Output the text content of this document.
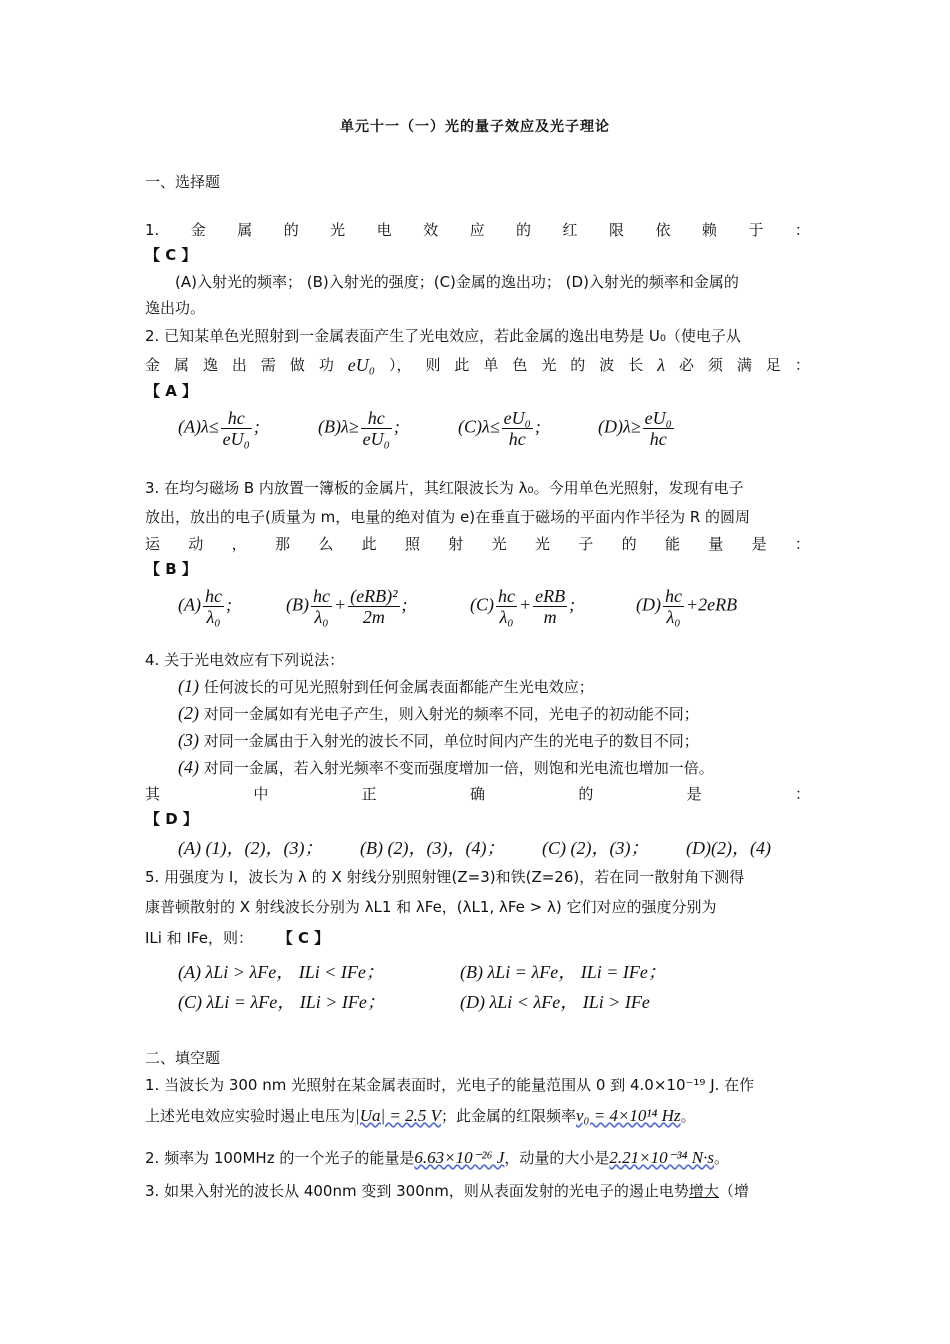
单元十一（一）光的量子效应及光子理论
一、选择题
1. 金 属 的 光 电 效 应 的 红 限 依 赖 于 ：
【 C 】
(A)入射光的频率； (B)入射光的强度；(C)金属的逸出功； (D)入射光的频率和金属的
逸出功。
2. 已知某单色光照射到一金属表面产生了光电效应，若此金属的逸出电势是 U₀（使电子从
金 属 逸 出 需 做 功 eU₀ ）， 则 此 单 色 光 的 波 长 λ 必 须 满 足 ：
【 A 】
$(A)\lambda\le \frac{hc}{\text{eU₀}}$ ;	$(B)\lambda\ge \frac{hc}{\text{eU₀}}$ ;	$(C)\lambda\le \frac{\text{eU₀}}{hc}$ ;	$(D)\lambda\ge \frac{\text{eU₀}}{hc}$
3. 在均匀磁场 B 内放置一簿板的金属片，其红限波长为 λ₀。今用单色光照射，发现有电子
放出，放出的电子(质量为 m，电量的绝对值为 e)在垂直于磁场的平面内作半径为 R 的圆周
运 动 ， 那 么 此 照 射 光 光 子 的 能 量 是 ：
【 B 】
$(A) \frac{hc}{\text{λ₀}}$ ;	$(B) \frac{hc}{\text{λ₀}} + \frac{\text{(eRB)²}}{2m}$ ;	$(C) \frac{hc}{\text{λ₀}} + \frac{\text{eRB}}{m}$ ;	$(D) \frac{hc}{\text{λ₀}} +2eRB$
4. 关于光电效应有下列说法：
(1) 任何波长的可见光照射到任何金属表面都能产生光电效应；
(2) 对同一金属如有光电子产生，则入射光的频率不同，光电子的初动能不同；
(3) 对同一金属由于入射光的波长不同，单位时间内产生的光电子的数目不同；
(4) 对同一金属，若入射光频率不变而强度增加一倍，则饱和光电流也增加一倍。
其	中	正	确	的	是	：
【 D 】
(A) (1)，(2)，(3)； (B) (2)，(3)，(4)； (C) (2)，(3)； (D)(2)，(4)
5. 用强度为 I，波长为 λ 的 X 射线分别照射锂(Z=3)和铁(Z=26)，若在同一散射角下测得
康普顿散射的 X 射线波长分别为 λL1 和 λFe，(λL1, λFe > λ) 它们对应的强度分别为
ILi 和 IFe，则： 【 C 】
(A) λLi > λFe， ILi < IFe；	(B) λLi = λFe， ILi = IFe；
(C) λLi = λFe， ILi > IFe；	(D) λLi < λFe， ILi > IFe
二、填空题
1. 当波长为 300 nm 光照射在某金属表面时，光电子的能量范围从 0 到 4.0×10⁻¹⁹ J. 在作
上述光电效应实验时遏止电压为|Ua| = 2.5 V；此金属的红限频率ν₀ = 4×10¹⁴ Hz。
2. 频率为 100MHz 的一个光子的能量是6.63×10⁻²⁶ J，动量的大小是2.21×10⁻³⁴ N·s。
3. 如果入射光的波长从 400nm 变到 300nm，则从表面发射的光电子的遏止电势增大（增
